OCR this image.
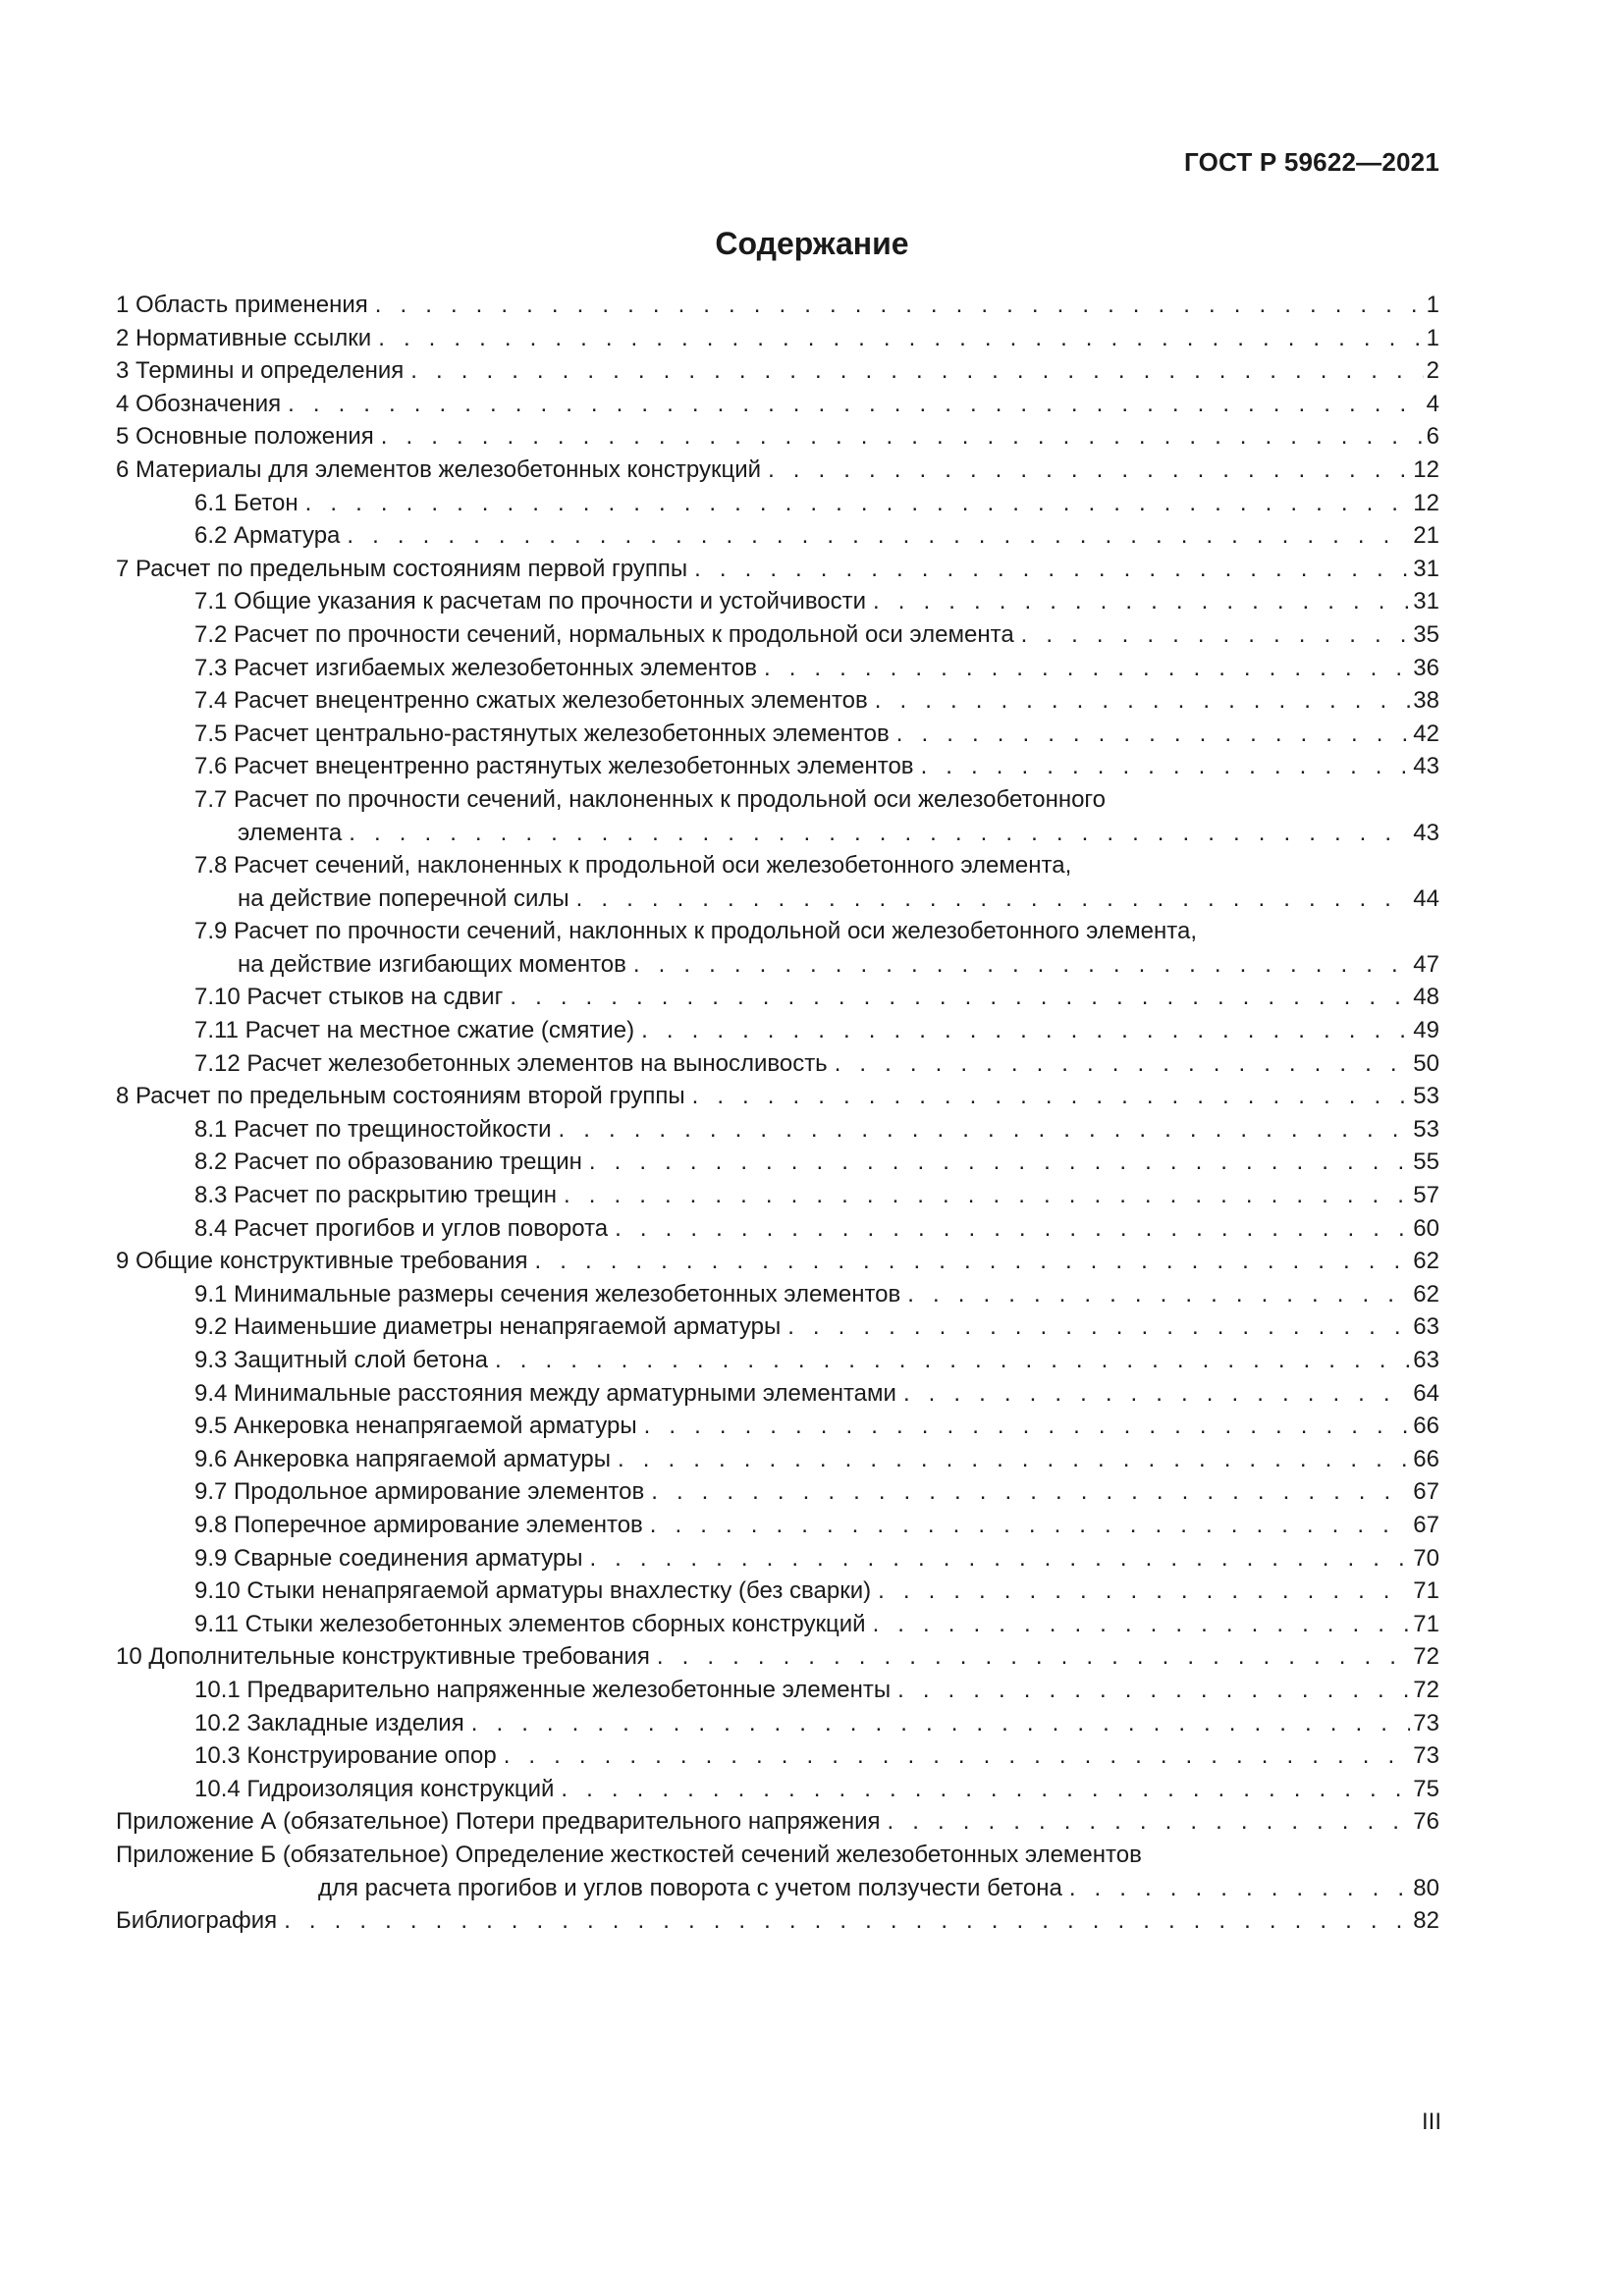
ГОСТ Р 59622—2021
Содержание
1 Область применения . . .	1
2 Нормативные ссылки . . .	1
3 Термины и определения . . .	2
4 Обозначения . . .	4
5 Основные положения . . .	6
6 Материалы для элементов железобетонных конструкций . . .	12
6.1 Бетон . . .	12
6.2 Арматура . . .	21
7 Расчет по предельным состояниям первой группы . . .	31
7.1 Общие указания к расчетам по прочности и устойчивости . . .	31
7.2 Расчет по прочности сечений, нормальных к продольной оси элемента . . .	35
7.3 Расчет изгибаемых железобетонных элементов . . .	36
7.4 Расчет внецентренно сжатых железобетонных элементов . . .	38
7.5 Расчет центрально-растянутых железобетонных элементов . . .	42
7.6 Расчет внецентренно растянутых железобетонных элементов . . .	43
7.7 Расчет по прочности сечений, наклоненных к продольной оси железобетонного
элемента . . .	43
7.8 Расчет сечений, наклоненных к продольной оси железобетонного элемента,
на действие поперечной силы . . .	44
7.9 Расчет по прочности сечений, наклонных к продольной оси железобетонного элемента,
на действие изгибающих моментов . . .	47
7.10 Расчет стыков на сдвиг . . .	48
7.11 Расчет на местное сжатие (смятие) . . .	49
7.12 Расчет железобетонных элементов на выносливость . . .	50
8 Расчет по предельным состояниям второй группы . . .	53
8.1 Расчет по трещиностойкости . . .	53
8.2 Расчет по образованию трещин . . .	55
8.3 Расчет по раскрытию трещин . . .	57
8.4 Расчет прогибов и углов поворота . . .	60
9 Общие конструктивные требования . . .	62
9.1 Минимальные размеры сечения железобетонных элементов . . .	62
9.2 Наименьшие диаметры ненапрягаемой арматуры . . .	63
9.3 Защитный слой бетона . . .	63
9.4 Минимальные расстояния между арматурными элементами . . .	64
9.5 Анкеровка ненапрягаемой арматуры . . .	66
9.6 Анкеровка напрягаемой арматуры . . .	66
9.7 Продольное армирование элементов . . .	67
9.8 Поперечное армирование элементов . . .	67
9.9 Сварные соединения арматуры . . .	70
9.10 Стыки ненапрягаемой арматуры внахлестку (без сварки) . . .	71
9.11 Стыки железобетонных элементов сборных конструкций . . .	71
10 Дополнительные конструктивные требования . . .	72
10.1 Предварительно напряженные железобетонные элементы . . .	72
10.2 Закладные изделия . . .	73
10.3 Конструирование опор . . .	73
10.4 Гидроизоляция конструкций . . .	75
Приложение А (обязательное) Потери предварительного напряжения . . .	76
Приложение Б (обязательное) Определение жесткостей сечений железобетонных элементов
для расчета прогибов и углов поворота с учетом ползучести бетона . . .	80
Библиография . . .	82
III
